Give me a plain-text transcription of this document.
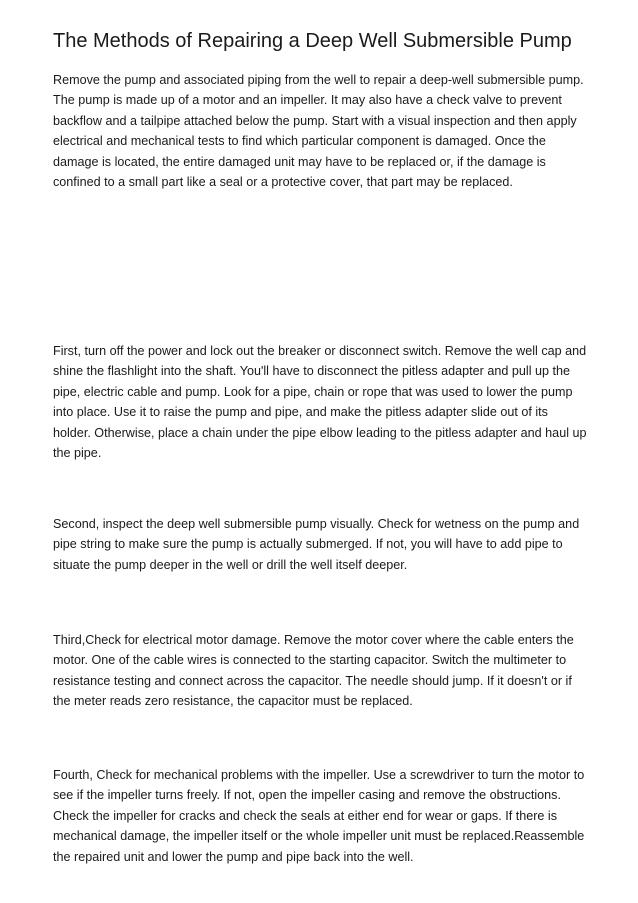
The Methods of Repairing a Deep Well Submersible Pump

Remove the pump and associated piping from the well to repair a deep-well submersible pump. The pump is made up of a motor and an impeller. It may also have a check valve to prevent backflow and a tailpipe attached below the pump. Start with a visual inspection and then apply electrical and mechanical tests to find which particular component is damaged. Once the damage is located, the entire damaged unit may have to be replaced or, if the damage is confined to a small part like a seal or a protective cover, that part may be replaced.

First, turn off the power and lock out the breaker or disconnect switch. Remove the well cap and shine the flashlight into the shaft. You'll have to disconnect the pitless adapter and pull up the pipe, electric cable and pump. Look for a pipe, chain or rope that was used to lower the pump into place. Use it to raise the pump and pipe, and make the pitless adapter slide out of its holder. Otherwise, place a chain under the pipe elbow leading to the pitless adapter and haul up the pipe.

Second, inspect the deep well submersible pump visually. Check for wetness on the pump and pipe string to make sure the pump is actually submerged. If not, you will have to add pipe to situate the pump deeper in the well or drill the well itself deeper.

Third,Check for electrical motor damage. Remove the motor cover where the cable enters the motor. One of the cable wires is connected to the starting capacitor. Switch the multimeter to resistance testing and connect across the capacitor. The needle should jump. If it doesn't or if the meter reads zero resistance, the capacitor must be replaced.

Fourth, Check for mechanical problems with the impeller. Use a screwdriver to turn the motor to see if the impeller turns freely. If not, open the impeller casing and remove the obstructions. Check the impeller for cracks and check the seals at either end for wear or gaps. If there is mechanical damage, the impeller itself or the whole impeller unit must be replaced.Reassemble the repaired unit and lower the pump and pipe back into the well.
